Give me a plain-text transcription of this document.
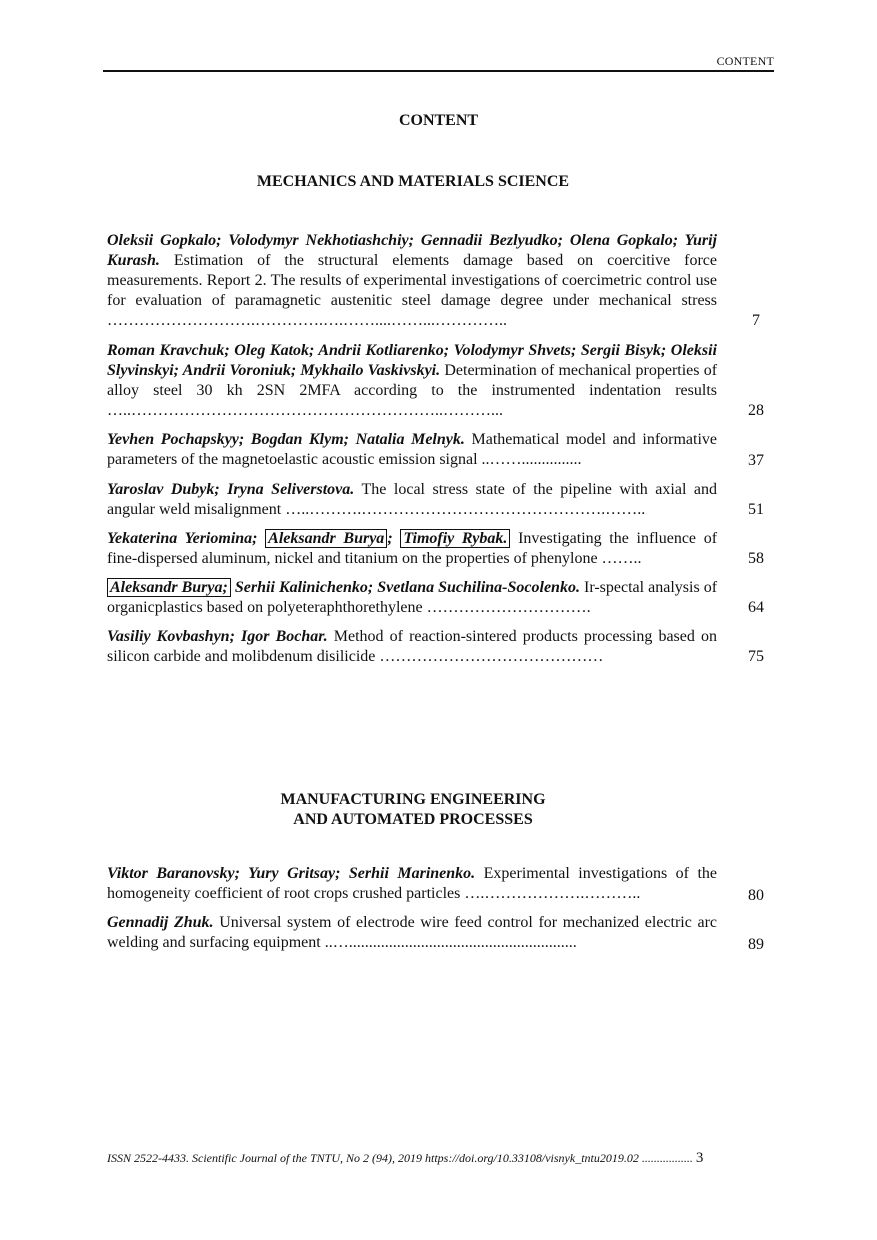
CONTENT
CONTENT
MECHANICS AND MATERIALS SCIENCE
Oleksii Gopkalo; Volodymyr Nekhotiashchiy; Gennadii Bezlyudko; Olena Gopkalo; Yurij Kurash. Estimation of the structural elements damage based on coercitive force measurements. Report 2. The results of experimental investigations of coercimetric control use for evaluation of paramagnetic austenitic steel damage degree under mechanical stress ……………………….………….….……....……...…………..	7
Roman Kravchuk; Oleg Katok; Andrii Kotliarenko; Volodymyr Shvets; Sergii Bisyk; Oleksii Slyvinskyi; Andrii Voroniuk; Mykhailo Vaskivskyi. Determination of mechanical properties of alloy steel 30 kh 2SN 2MFA according to the instrumented indentation results …..…………………………………………………..………...	28
Yevhen Pochapskyy; Bogdan Klym; Natalia Melnyk. Mathematical model and informative parameters of the magnetoelastic acoustic emission signal ..……...............	37
Yaroslav Dubyk; Iryna Seliverstova. The local stress state of the pipeline with axial and angular weld misalignment …..……….……………………………………….……..	51
Yekaterina Yeriomina; Aleksandr Burya ; Timofiy Rybak. Investigating the influence of fine-dispersed aluminum, nickel and titanium on the properties of phenylone ……..	58
Aleksandr Burya; Serhii Kalinichenko; Svetlana Suchilina-Socolenko. Ir-spectal analysis of organicplastics based on polyeteraphthorethylene ………………………….	64
Vasiliy Kovbashyn; Igor Bochar. Method of reaction-sintered products processing based on silicon carbide and molibdenum disilicide ……………………………………	75
MANUFACTURING ENGINEERING
AND AUTOMATED PROCESSES
Viktor Baranovsky; Yury Gritsay; Serhii Marinenko. Experimental investigations of the homogeneity coefficient of root crops crushed particles ….……………….………..	80
Gennadij Zhuk. Universal system of electrode wire feed control for mechanized electric arc welding and surfacing equipment ..….........................................................	89
ISSN 2522-4433. Scientific Journal of the TNTU, No 2 (94), 2019 https://doi.org/10.33108/visnyk_tntu2019.02 ................. 3
